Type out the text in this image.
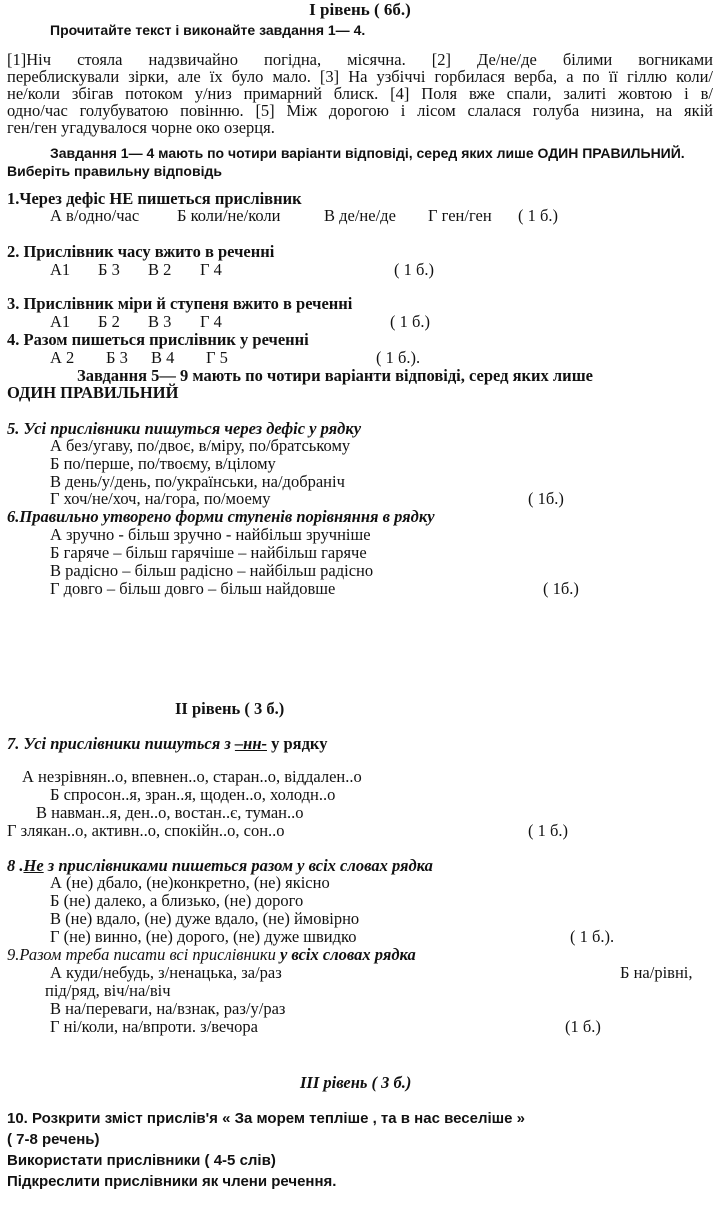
І рівень ( 6б.)
Прочитайте текст і виконайте завдання 1— 4.
[1]Ніч стояла надзвичайно погідна, місячна. [2] Де/не/де білими вогниками
переблискували зірки, але їх було мало. [3] На узбіччі горбилася верба, а по її гіллю коли/
не/коли збігав потоком у/низ примарний блиск. [4] Поля вже спали, залиті жовтою і в/
одно/час голубуватою повінню. [5] Між дорогою і лісом слалася голуба низина, на якій
ген/ген угадувалося чорне око озерця.
Завдання 1— 4 мають по чотири варіанти відповіді, серед яких лише ОДИН ПРАВИЛЬНИЙ.
Виберіть правильну відповідь
1.Через дефіс НЕ пишеться прислівник
А в/одно/час Б коли/не/коли	В де/не/де Г ген/ген ( 1 б.)
2. Прислівник часу вжито в реченні
А1 Б 3 В 2 Г 4	( 1 б.)
3. Прислівник міри й ступеня вжито в реченні
А1 Б 2 В 3 Г 4	( 1 б.)
4. Разом пишеться прислівник у реченні
А 2 Б 3 В 4 Г 5	( 1 б.).
Завдання 5— 9 мають по чотири варіанти відповіді, серед яких лише
ОДИН ПРАВИЛЬНИЙ
5. Усі прислівники пишуться через дефіс у рядку
А без/угаву, по/двоє, в/міру, по/братському
Б по/перше, по/твоєму, в/цілому
В день/у/день, по/українськи, на/добраніч
Г хоч/не/хоч, на/гора, по/моему	( 1б.)
6.Правильно утворено форми ступенів порівняння в рядку
А зручно - більш зручно - найбільш зручніше
Б гаряче – більш гарячіше – найбільш гаряче
В радісно – більш радісно – найбільш радісно
Г довго – більш довго – більш найдовше	( 1б.)
ІІ рівень ( 3 б.)
7. Усі прислівники пишуться з –нн- у рядку
А незрівнян..о, впевнен..о, старан..о, віддален..о
Б спросон..я, зран..я, щоден..о, холодн..о
В навман..я, ден..о, востан..є, туман..о
Г злякан..о, активн..о, спокійн..о, сон..о	( 1 б.)
8 .Не з прислівниками пишеться разом у всіх словах рядка
А (не) дбало, (не)конкретно, (не) якісно
Б (не) далеко, а близько, (не) дорого
В (не) вдало, (не) дуже вдало, (не) ймовірно
Г (не) винно, (не) дорого, (не) дуже швидко	( 1 б.).
9.Разом треба писати всі прислівники у всіх словах рядка
А куди/небудь, з/ненацька, за/раз	Б на/рівні,
під/ряд, віч/на/віч
В на/переваги, на/взнак, раз/у/раз
Г ні/коли, на/впроти. з/вечора	(1 б.)
ІІІ рівень ( 3 б.)
10. Розкрити зміст прислів'я « За морем тепліше , та в нас веселіше »
( 7-8 речень)
Використати прислівники ( 4-5 слів)
Підкреслити прислівники як члени речення.
